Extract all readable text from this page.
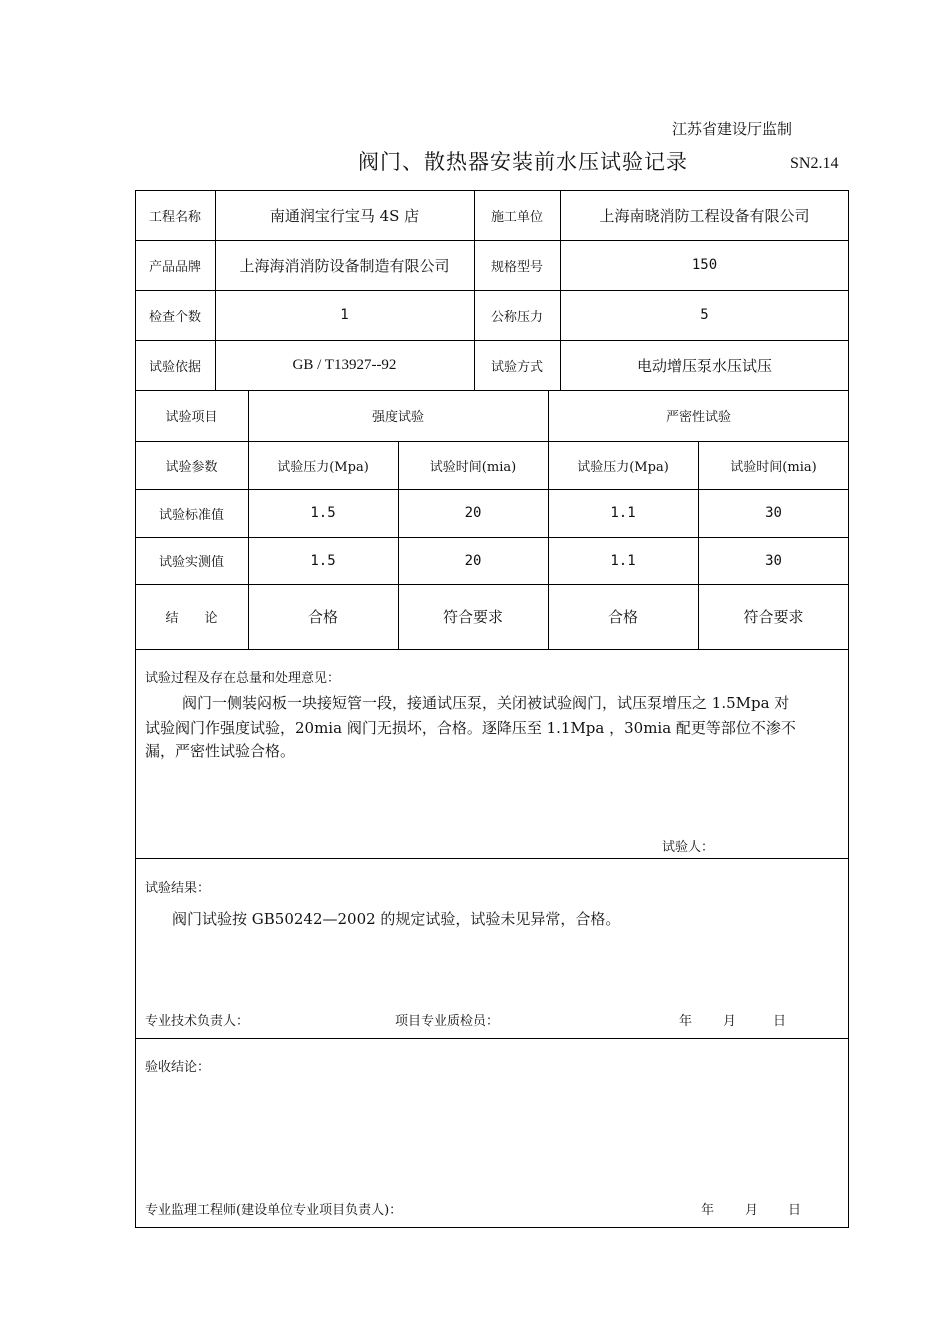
江苏省建设厅监制
阀门、散热器安装前水压试验记录	SN2.14
工程名称	南通润宝行宝马 4S 店	施工单位	上海南晓消防工程设备有限公司
产品品牌	上海海消消防设备制造有限公司	规格型号	150
检查个数	1	公称压力	5
试验依据	GB / T13927--92	试验方式	电动增压泵水压试压
试验项目	强度试验	严密性试验
试验参数	试验压力(Mpa)	试验时间(mia)	试验压力(Mpa)	试验时间(mia)
试验标准值	1.5	20	1.1	30
试验实测值	1.5	20	1.1	30
结　　论	合格	符合要求	合格	符合要求
试验过程及存在总量和处理意见：
阀门一侧装闷板一块接短管一段，接通试压泵，关闭被试验阀门，试压泵增压之 1.5Mpa 对
试验阀门作强度试验，20mia 阀门无损坏，合格。逐降压至 1.1Mpa ，30mia 配更等部位不渗不
漏，严密性试验合格。
试验人：
试验结果：
阀门试验按 GB50242—2002 的规定试验，试验未见异常，合格。
专业技术负责人：	项目专业质检员：	年 月	日
验收结论：
专业监理工程师(建设单位专业项目负责人)：	年 月 日
